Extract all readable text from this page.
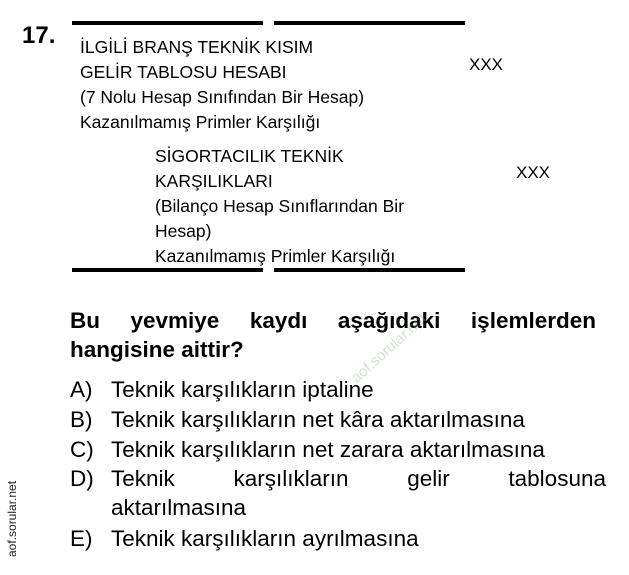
17. İLGİLİ BRANŞ TEKNİK KISIM
GELİR TABLOSU HESABI
(7 Nolu Hesap Sınıfından Bir Hesap)
Kazanılmamış Primler Karşılığı
XXX
SİGORTACILIK TEKNİK
KARŞILIKLARI
(Bilanço Hesap Sınıflarından Bir
Hesap)
Kazanılmamış Primler Karşılığı
XXX
Bu yevmiye kaydı aşağıdaki işlemlerden
hangisine aittir?
A) Teknik karşılıkların iptaline
B) Teknik karşılıkların net kâra aktarılmasına
C) Teknik karşılıkların net zarara aktarılmasına
D) Teknik	karşılıkların	gelir	tablosuna
aktarılmasına
E) Teknik karşılıkların ayrılmasına
aof.sorular.net
aof.sorular.net
